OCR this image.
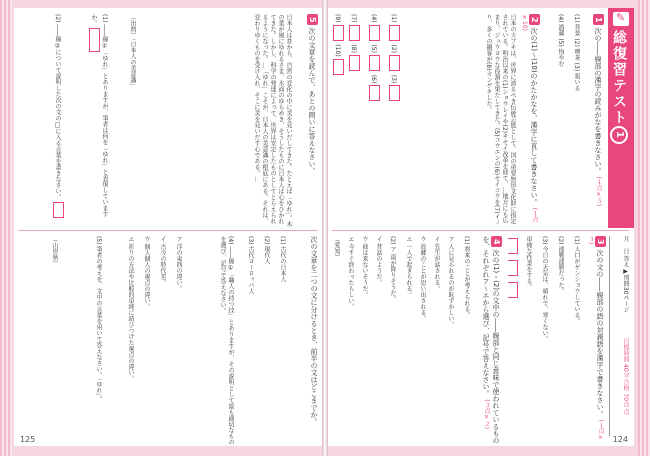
5 次の文章を読んで、あとの問いに答えなさい。
日本人は昔から、自然の変化の中に美を見いだしてきた。たとえば「ゆれ」。木の葉が風にゆれるさま、水面のゆらめき、そうしたものに日本人は心をひかれてきた。しかし、科学の発達によって、世界は安定したものとしてとらえられるようになった。…「ゆれ」こそが、日本人の美意識の根底にある。それは、変わりゆくものを受け入れ、そこに美を見いだす心である。…
（出典）「日本人の美意識」
(1) ――線①「ゆれ」とありますが、筆者は何を「ゆれ」と表現していますか。
(2) ――線②について説明した次の文の□に入る言葉を書きなさい。
次の文章を二つの文に分けるとき、前半の文はどこまでか。
(1) 古代の日本人
(2) 現代人
(3) 古代ヨーロッパ人
(4) ――線①「職人の持つ技」とありますが、その説明として最も適切なものを選び、記号で答えなさい。
ア 洋の東西の違い。
イ 古今の時代差。
ウ 個人個人の視点の違い。
エ 祈りの方法や比較的単純に結びつけた視点の違い。
(5) 筆者の考えを、文中の言葉を用いて答えなさい。「ゆれ」。
（山形県）
125
✎
総復習テスト1
1 次の――線部の漢字の読みがなを書きなさい。 (１点×５)
(1) 背景 (2) 喫茶 (3) 報いる
(4) 酒蔵 (5) 悔やむ
2 次の(1)〜(10)のかたかなを、漢字に直して書きなさい。 (１点×10)
日本のカブキは、世界に誇るべき伝統芸能として、国の重要無形文化財に指定されている。明治以来の(1)ショウレイや(2)キセイ改革を経て、…地方にも広まり、ジュウヨウな役割を果たしてきた。(5)コウエンの(6)セイコウを(7)イノり、多くの観客が(8)カンゲキした。
(1) (2) (3)
(4) (5) (6)
(7) (8)
(9) (10)
月　日 答え▶別冊30ページ
目標時間 40分 合格 70点 点
3 次の文の――線部の語の対義語を漢字で書きなさい。 (１点×３)
(1) 人口がゲンショウしている。
(2) 連戦連勝だった。
(3) 今日の天気は、晴れで、寒くない。
単純な作業をする。

4 次の(1)・(2)の文中の――線部と同じ意味で使われているものを、それぞれア〜エから選び、記号で答えなさい。 (３点×２)
(1) 将来のことが考えられる。
ア 人に見られるのが恥ずかしい。
イ 先生が話される。
ウ 故郷のことが思い出される。
エ 一人で起きられる。
(2) ア 雨が降りそうだ。
イ 昔話のようだ。
ウ 彼は来ないそうだ。
エ 今すぐ終わったらしい。
（愛知）
124
